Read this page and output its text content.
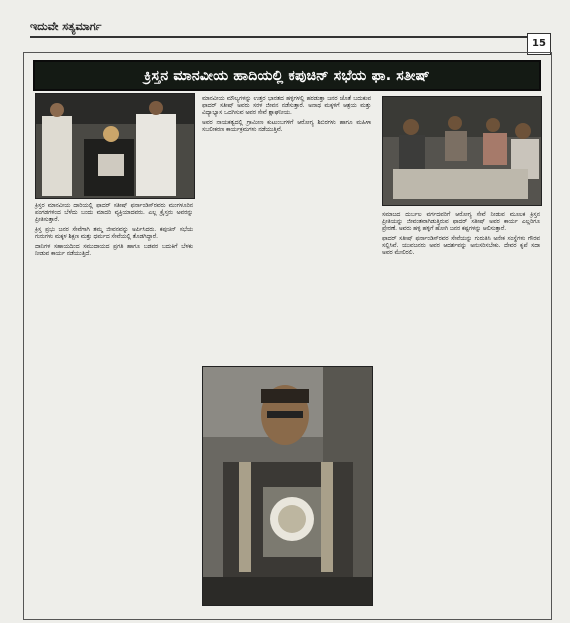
ಇದುವೇ ಸತ್ಯಮಾರ್ಗ
15
ಕ್ರಿಸ್ತನ ಮಾನವೀಯ ಹಾದಿಯಲ್ಲಿ ಕಪುಚಿನ್ ಸಭೆಯ ಫಾ. ಸತೀಷ್

ಕ್ರಿಸ್ತರ ಮಾನವೀಯ ದಾರಿಯಲ್ಲಿ ಫಾದರ್ ಸತೀಷ್ ಫರ್ನಾಂಡಿಸ್‌ರವರು ಮಂಗಳೂರಿನ ಪಂಗಡಗಳಿಂದ ಬೆಳೆದು ಬಂದು ಮಾದರಿ ವ್ಯಕ್ತಿಯಾದವರು. ಎಲ್ಲ ಕ್ರೈಸ್ತರು ಅವರನ್ನು ಪ್ರೀತಿಸುತ್ತಾರೆ.

ಕ್ರಿಸ್ತ ಪ್ರಭು ಜನರ ಸೇವೆಗಾಗಿ ತಮ್ಮ ಜೀವನವನ್ನು ಅರ್ಪಿಸಿದರು. ಕಪುಚಿನ್ ಸಭೆಯ ಗುರುಗಳು ಮಕ್ಕಳ ಶಿಕ್ಷಣ ಮತ್ತು ಧರ್ಮದ ಸೇವೆಯಲ್ಲಿ ತೊಡಗಿದ್ದಾರೆ.

ದಾನಿಗಳ ಸಹಾಯದಿಂದ ಸಮುದಾಯದ ಪ್ರಗತಿ ಹಾಗೂ ಬಡವರ ಬದುಕಿಗೆ ಬೆಳಕು ನೀಡುವ ಕಾರ್ಯ ನಡೆಯುತ್ತಿದೆ.

ಮಾನವೀಯ ಮೌಲ್ಯಗಳನ್ನು ಉತ್ತರ ಭಾರತದ ಹಳ್ಳಿಗಳಲ್ಲಿ ಹರಡುತ್ತಾ ಜನರ ಜೊತೆ ಬದುಕುವ ಫಾದರ್ ಸತೀಷ್ ಅವರು ಸರಳ ಜೀವನ ನಡೆಸುತ್ತಾರೆ. ಅನಾಥ ಮಕ್ಕಳಿಗೆ ಆಶ್ರಯ ಮತ್ತು ವಿದ್ಯಾಭ್ಯಾಸ ಒದಗಿಸುವ ಅವರ ಸೇವೆ ಶ್ಲಾಘನೀಯ.

ಅವರ ನಾಯಕತ್ವದಲ್ಲಿ ಗ್ರಾಮೀಣ ಕುಟುಂಬಗಳಿಗೆ ಆರೋಗ್ಯ ಶಿಬಿರಗಳು ಹಾಗೂ ಮಹಿಳಾ ಸಬಲೀಕರಣ ಕಾರ್ಯಕ್ರಮಗಳು ನಡೆಯುತ್ತಿವೆ.

ಸಮಾಜದ ದುರ್ಬಲ ವರ್ಗದವರಿಗೆ ಆರೋಗ್ಯ ಸೇವೆ ನೀಡುವ ಮೂಲಕ ಕ್ರಿಸ್ತನ ಪ್ರೀತಿಯನ್ನು ಜೀವಂತವಾಗಿಡುತ್ತಿರುವ ಫಾದರ್ ಸತೀಷ್ ಅವರ ಕಾರ್ಯ ಎಲ್ಲರಿಗೂ ಪ್ರೇರಣೆ. ಅವರು ಹಳ್ಳಿ ಹಳ್ಳಿಗೆ ಹೋಗಿ ಜನರ ಕಷ್ಟಗಳನ್ನು ಆಲಿಸುತ್ತಾರೆ.

ಫಾದರ್ ಸತೀಷ್ ಫರ್ನಾಂಡಿಸ್‌ರವರ ಸೇವೆಯನ್ನು ಗುರುತಿಸಿ ಅನೇಕ ಸಂಸ್ಥೆಗಳು ಗೌರವ ಸಲ್ಲಿಸಿವೆ. ಯುವಜನರು ಅವರ ಆದರ್ಶವನ್ನು ಅನುಸರಿಸಬೇಕು. ದೇವರ ಕೃಪೆ ಸದಾ ಅವರ ಮೇಲಿರಲಿ.
